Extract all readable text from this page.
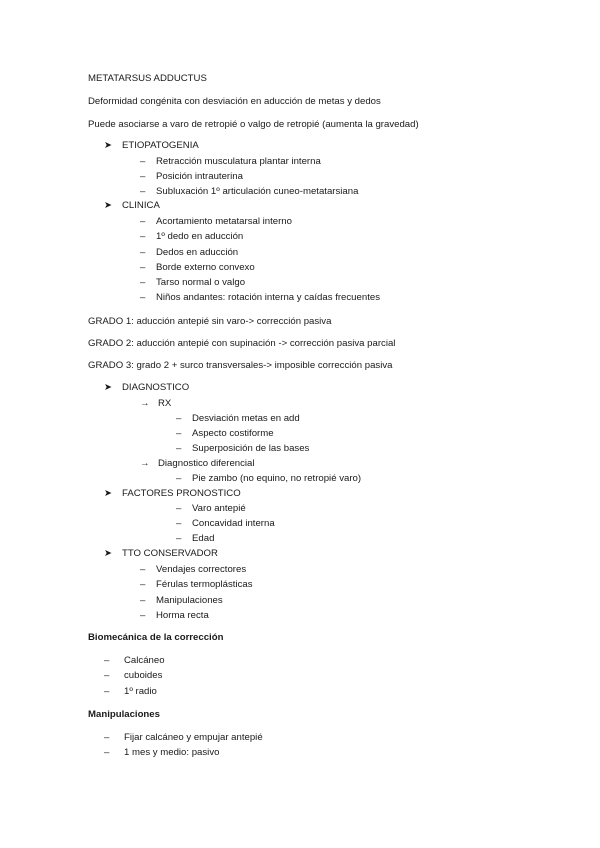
METATARSUS ADDUCTUS
Deformidad congénita con desviación en aducción de metas y dedos
Puede asociarse a varo de retropié o valgo de retropié (aumenta la gravedad)
➤ ETIOPATOGENIA
– Retracción musculatura plantar interna
– Posición intrauterina
– Subluxación 1º articulación cuneo-metatarsiana
➤ CLINICA
– Acortamiento metatarsal interno
– 1º dedo en aducción
– Dedos en aducción
– Borde externo convexo
– Tarso normal o valgo
– Niños andantes: rotación interna y caídas frecuentes
GRADO 1: aducción antepié sin varo-> corrección pasiva
GRADO 2: aducción antepié con supinación -> corrección pasiva parcial
GRADO 3: grado 2 + surco transversales-> imposible corrección pasiva
➤ DIAGNOSTICO
→ RX
– Desviación metas en add
– Aspecto costiforme
– Superposición de las bases
→ Diagnostico diferencial
– Pie zambo (no equino, no retropié varo)
➤ FACTORES PRONOSTICO
– Varo antepié
– Concavidad interna
– Edad
➤ TTO CONSERVADOR
– Vendajes correctores
– Férulas termoplásticas
– Manipulaciones
– Horma recta
Biomecánica de la corrección
– Calcáneo
– cuboides
– 1º radio
Manipulaciones
– Fijar calcáneo y empujar antepié
– 1 mes y medio: pasivo
